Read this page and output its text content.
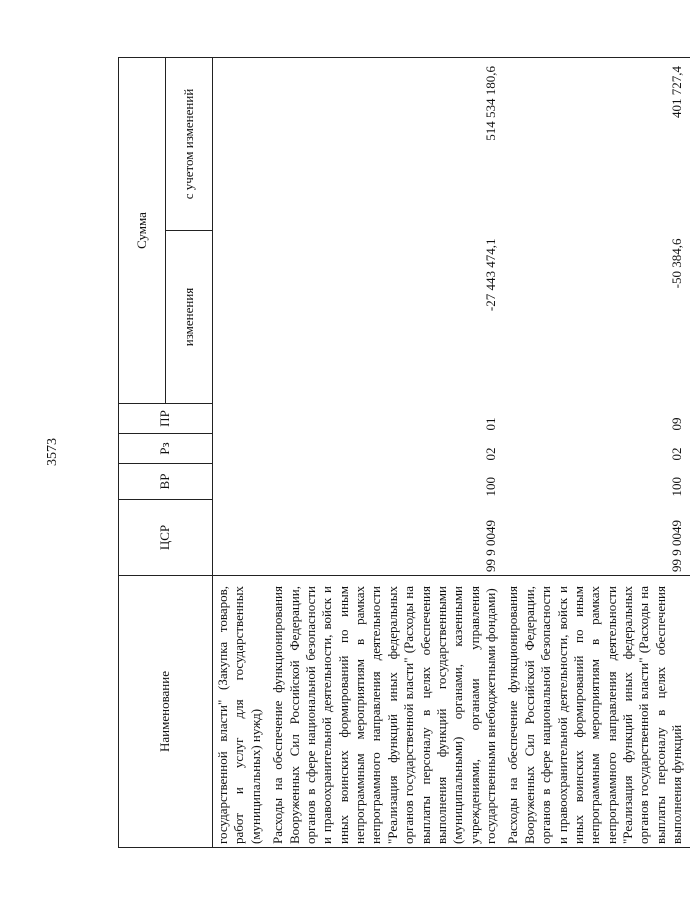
3573
Наименование	ЦСР	ВР	Рз	ПР	Сумма	
					изменения	с учетом изменений
государственной власти" (Закупка товаров, работ и услуг для государственных (муниципальных) нужд)						
Расходы на обеспечение функционирования Вооруженных Сил Российской Федерации, органов в сфере национальной безопасности и правоохранительной деятельности, войск и иных воинских формирований по иным непрограммным мероприятиям в рамках непрограммного направления деятельности "Реализация функций иных федеральных органов государственной власти" (Расходы на выплаты персоналу в целях обеспечения выполнения функций государственными (муниципальными) органами, казенными учреждениями, органами управления государственными внебюджетными фондами)	99 9 0049	100	02	01	-27 443 474,1	514 534 180,6
Расходы на обеспечение функционирования Вооруженных Сил Российской Федерации, органов в сфере национальной безопасности и правоохранительной деятельности, войск и иных воинских формирований по иным непрограммным мероприятиям в рамках непрограммного направления деятельности "Реализация функций иных федеральных органов государственной власти" (Расходы на выплаты персоналу в целях обеспечения выполнения функций	99 9 0049	100	02	09	-50 384,6	401 727,4
